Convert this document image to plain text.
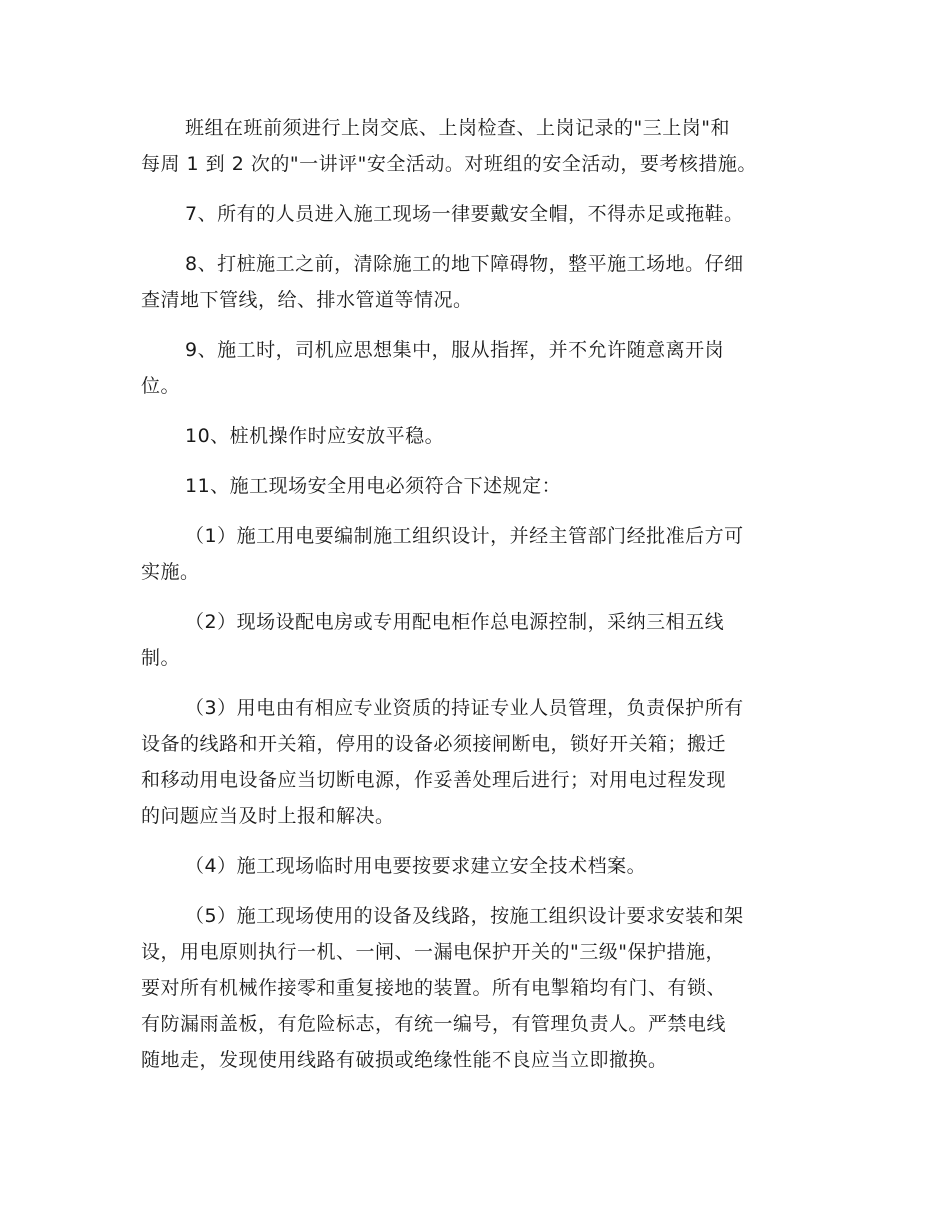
班组在班前须进行上岗交底、上岗检查、上岗记录的"三上岗"和
每周 1 到 2 次的"一讲评"安全活动。对班组的安全活动，要考核措施。
7、所有的人员进入施工现场一律要戴安全帽，不得赤足或拖鞋。
8、打桩施工之前，清除施工的地下障碍物，整平施工场地。仔细
查清地下管线，给、排水管道等情况。
9、施工时，司机应思想集中，服从指挥，并不允许随意离开岗
位。
10、桩机操作时应安放平稳。
11、施工现场安全用电必须符合下述规定：
（1）施工用电要编制施工组织设计，并经主管部门经批准后方可
实施。
（2）现场设配电房或专用配电柜作总电源控制，采纳三相五线
制。
（3）用电由有相应专业资质的持证专业人员管理，负责保护所有
设备的线路和开关箱，停用的设备必须接闸断电，锁好开关箱；搬迁
和移动用电设备应当切断电源，作妥善处理后进行；对用电过程发现
的问题应当及时上报和解决。
（4）施工现场临时用电要按要求建立安全技术档案。
（5）施工现场使用的设备及线路，按施工组织设计要求安装和架
设，用电原则执行一机、一闸、一漏电保护开关的"三级"保护措施，
要对所有机械作接零和重复接地的装置。所有电掣箱均有门、有锁、
有防漏雨盖板，有危险标志，有统一编号，有管理负责人。严禁电线
随地走，发现使用线路有破损或绝缘性能不良应当立即撤换。
